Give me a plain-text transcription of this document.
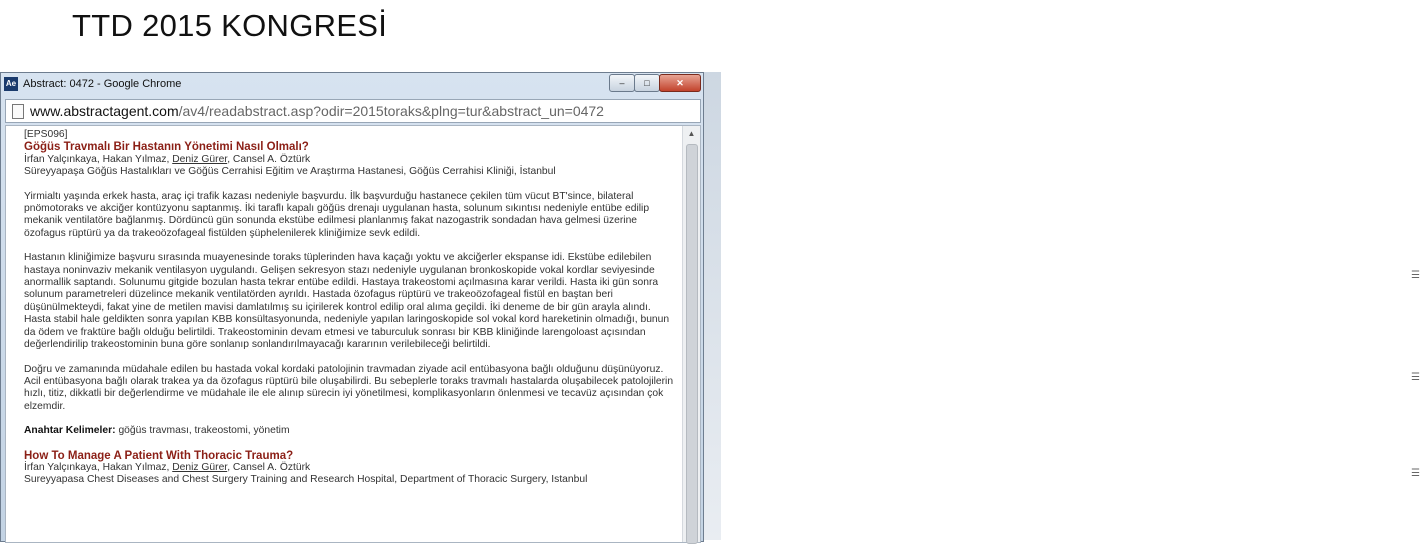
TTD 2015 KONGRESİ
☰
☰
☰
Ae Abstract: 0472 - Google Chrome	–	□	✕
www.abstractagent.com/av4/readabstract.asp?odir=2015toraks&plng=tur&abstract_un=0472

[EPS096]

Göğüs Travmalı Bir Hastanın Yönetimi Nasıl Olmalı?

İrfan Yalçınkaya, Hakan Yılmaz, Deniz Gürer, Cansel A. Öztürk

Süreyyapaşa Göğüs Hastalıkları ve Göğüs Cerrahisi Eğitim ve Araştırma Hastanesi, Göğüs Cerrahisi Kliniği, İstanbul

Yirmialtı yaşında erkek hasta, araç içi trafik kazası nedeniyle başvurdu. İlk başvurduğu hastanece çekilen tüm vücut BT'since, bilateral pnömotoraks ve akciğer kontüzyonu saptanmış. İki taraflı kapalı göğüs drenajı uygulanan hasta, solunum sıkıntısı nedeniyle entübe edilip mekanik ventilatöre bağlanmış. Dördüncü gün sonunda ekstübe edilmesi planlanmış fakat nazogastrik sondadan hava gelmesi üzerine özofagus rüptürü ya da trakeoözofageal fistülden şüphelenilerek kliniğimize sevk edildi.

Hastanın kliniğimize başvuru sırasında muayenesinde toraks tüplerinden hava kaçağı yoktu ve akciğerler ekspanse idi. Ekstübe edilebilen hastaya noninvaziv mekanik ventilasyon uygulandı. Gelişen sekresyon stazı nedeniyle uygulanan bronkoskopide vokal kordlar seviyesinde anormallik saptandı. Solunumu gitgide bozulan hasta tekrar entübe edildi. Hastaya trakeostomi açılmasına karar verildi. Hasta iki gün sonra solunum parametreleri düzelince mekanik ventilatörden ayrıldı. Hastada özofagus rüptürü ve trakeoözofageal fistül en baştan beri düşünülmekteydi, fakat yine de metilen mavisi damlatılmış su içirilerek kontrol edilip oral alıma geçildi. İki deneme de bir gün arayla alındı. Hasta stabil hale geldikten sonra yapılan KBB konsültasyonunda, nedeniyle yapılan laringoskopide sol vokal kord hareketinin olmadığı, bunun da ödem ve fraktüre bağlı olduğu belirtildi. Trakeostominin devam etmesi ve taburculuk sonrası bir KBB kliniğinde larengoloast açısından değerlendirilip trakeostominin buna göre sonlanıp sonlandırılmayacağı kararının verilebileceği belirtildi.

Doğru ve zamanında müdahale edilen bu hastada vokal kordaki patolojinin travmadan ziyade acil entübasyona bağlı olduğunu düşünüyoruz. Acil entübasyona bağlı olarak trakea ya da özofagus rüptürü bile oluşabilirdi. Bu sebeplerle toraks travmalı hastalarda oluşabilecek patolojilerin hızlı, titiz, dikkatli bir değerlendirme ve müdahale ile ele alınıp sürecin iyi yönetilmesi, komplikasyonların önlenmesi ve tecavüz açısından çok elzemdir.

Anahtar Kelimeler: göğüs travması, trakeostomi, yönetim

How To Manage A Patient With Thoracic Trauma?

İrfan Yalçınkaya, Hakan Yılmaz, Deniz Gürer, Cansel A. Öztürk

Sureyyapasa Chest Diseases and Chest Surgery Training and Research Hospital, Department of Thoracic Surgery, Istanbul

▲
